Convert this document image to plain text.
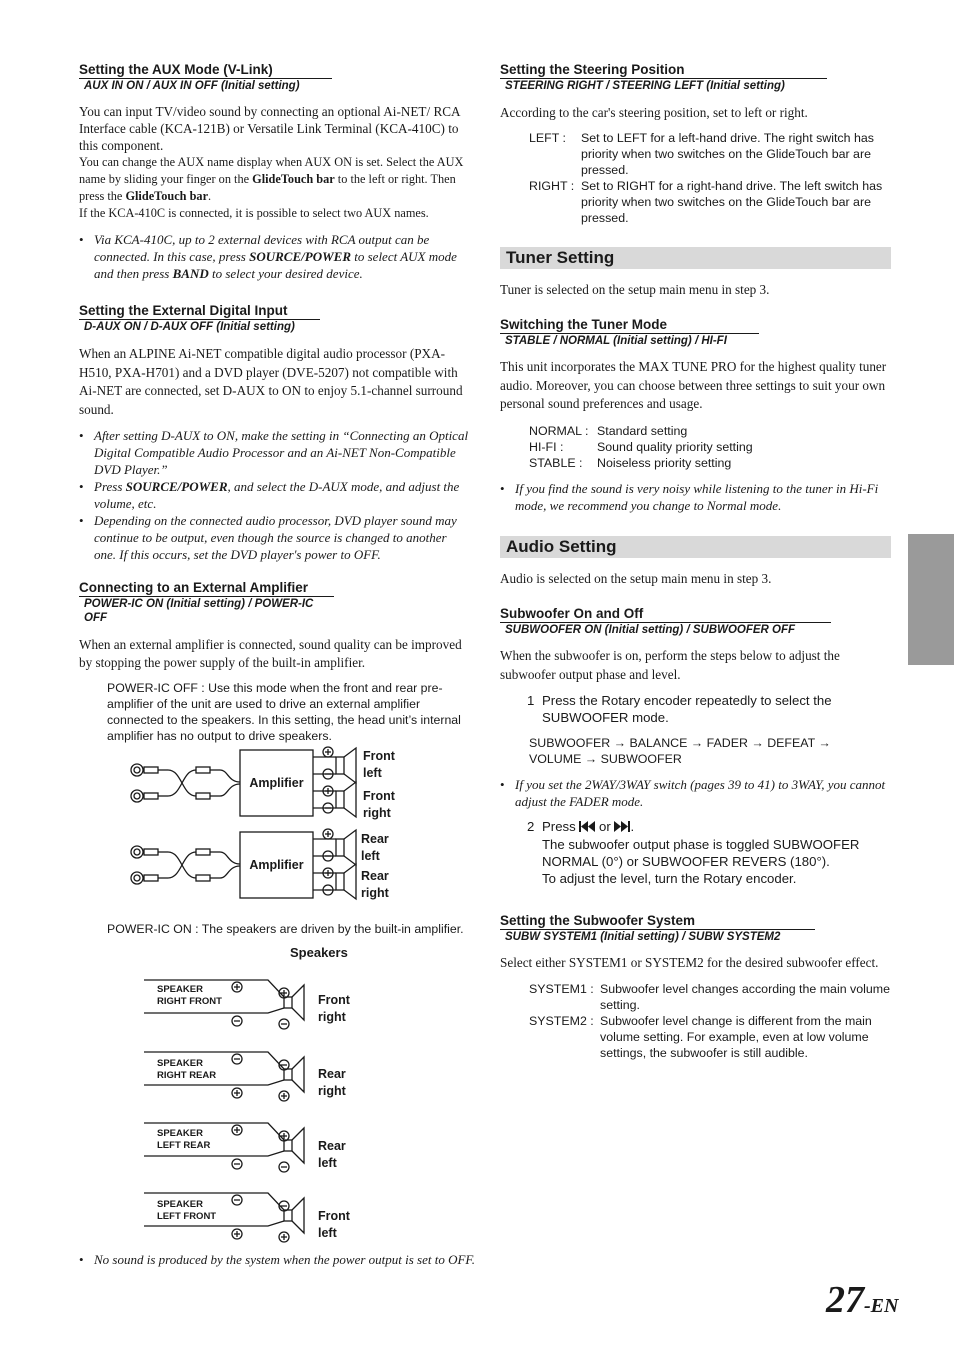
Setting the AUX Mode (V-Link)
AUX IN ON / AUX IN OFF (Initial setting)
You can input TV/video sound by connecting an optional Ai-NET/ RCA Interface cable (KCA-121B) or Versatile Link Terminal (KCA-410C) to this component.
You can change the AUX name display when AUX ON is set. Select the AUX name by sliding your finger on the GlideTouch bar to the left or right. Then press the GlideTouch bar.
If the KCA-410C is connected, it is possible to select two AUX names.
• Via KCA-410C, up to 2 external devices with RCA output can be connected. In this case, press SOURCE/POWER to select AUX mode and then press BAND to select your desired device.
Setting the External Digital Input
D-AUX ON / D-AUX OFF (Initial setting)
When an ALPINE Ai-NET compatible digital audio processor (PXA-H510, PXA-H701) and a DVD player (DVE-5207) not compatible with Ai-NET are connected, set D-AUX to ON to enjoy 5.1-channel surround sound.
• After setting D-AUX to ON, make the setting in “Connecting an Optical Digital Compatible Audio Processor and an Ai-NET Non-Compatible DVD Player.”
• Press SOURCE/POWER, and select the D-AUX mode, and adjust the volume, etc.
• Depending on the connected audio processor, DVD player sound may continue to be output, even though the source is changed to another one. If this occurs, set the DVD player's power to OFF.
Connecting to an External Amplifier
POWER-IC ON (Initial setting) / POWER-IC OFF
When an external amplifier is connected, sound quality can be improved by stopping the power supply of the built-in amplifier.
POWER-IC OFF : Use this mode when the front and rear pre-amplifier of the unit are used to drive an external amplifier connected to the speakers. In this setting, the head unit’s internal amplifier has no output to drive speakers.
Amplifier
Amplifier
Front
left
Front
right
Rear
left
Rear
right
POWER-IC ON : The speakers are driven by the built-in amplifier.
Speakers
SPEAKER
RIGHT FRONT
SPEAKER
RIGHT REAR
SPEAKER
LEFT REAR
SPEAKER
LEFT FRONT
Front
right
Rear
right
Rear
left
Front
left
• No sound is produced by the system when the power output is set to OFF.
Setting the Steering Position
STEERING RIGHT / STEERING LEFT (Initial setting)
According to the car's steering position, set to left or right.
LEFT :	Set to LEFT for a left-hand drive. The right switch has priority when two switches on the GlideTouch bar are pressed.
RIGHT : Set to RIGHT for a right-hand drive. The left switch has priority when two switches on the GlideTouch bar are pressed.
Tuner Setting
Tuner is selected on the setup main menu in step 3.
Switching the Tuner Mode
STABLE / NORMAL (Initial setting) / HI-FI
This unit incorporates the MAX TUNE PRO for the highest quality tuner audio. Moreover, you can choose between three settings to suit your own personal sound preferences and usage.
NORMAL : Standard setting
HI-FI :	Sound quality priority setting
STABLE :	Noiseless priority setting
• If you find the sound is very noisy while listening to the tuner in Hi-Fi mode, we recommend you change to Normal mode.
Audio Setting
Audio is selected on the setup main menu in step 3.
Subwoofer On and Off
SUBWOOFER ON (Initial setting) / SUBWOOFER OFF
When the subwoofer is on, perform the steps below to adjust the subwoofer output phase and level.
1 Press the Rotary encoder repeatedly to select the SUBWOOFER mode.
SUBWOOFER → BALANCE → FADER → DEFEAT → VOLUME → SUBWOOFER
• If you set the 2WAY/3WAY switch (pages 39 to 41) to 3WAY, you cannot adjust the FADER mode.
2 Press  or .
The subwoofer output phase is toggled SUBWOOFER NORMAL (0°) or SUBWOOFER REVERS (180°).
To adjust the level, turn the Rotary encoder.
Setting the Subwoofer System
SUBW SYSTEM1 (Initial setting) / SUBW SYSTEM2
Select either SYSTEM1 or SYSTEM2 for the desired subwoofer effect.
SYSTEM1 : Subwoofer level changes according the main volume setting.
SYSTEM2 : Subwoofer level change is different from the main volume setting. For example, even at low volume settings, the subwoofer is still audible.
27-EN
